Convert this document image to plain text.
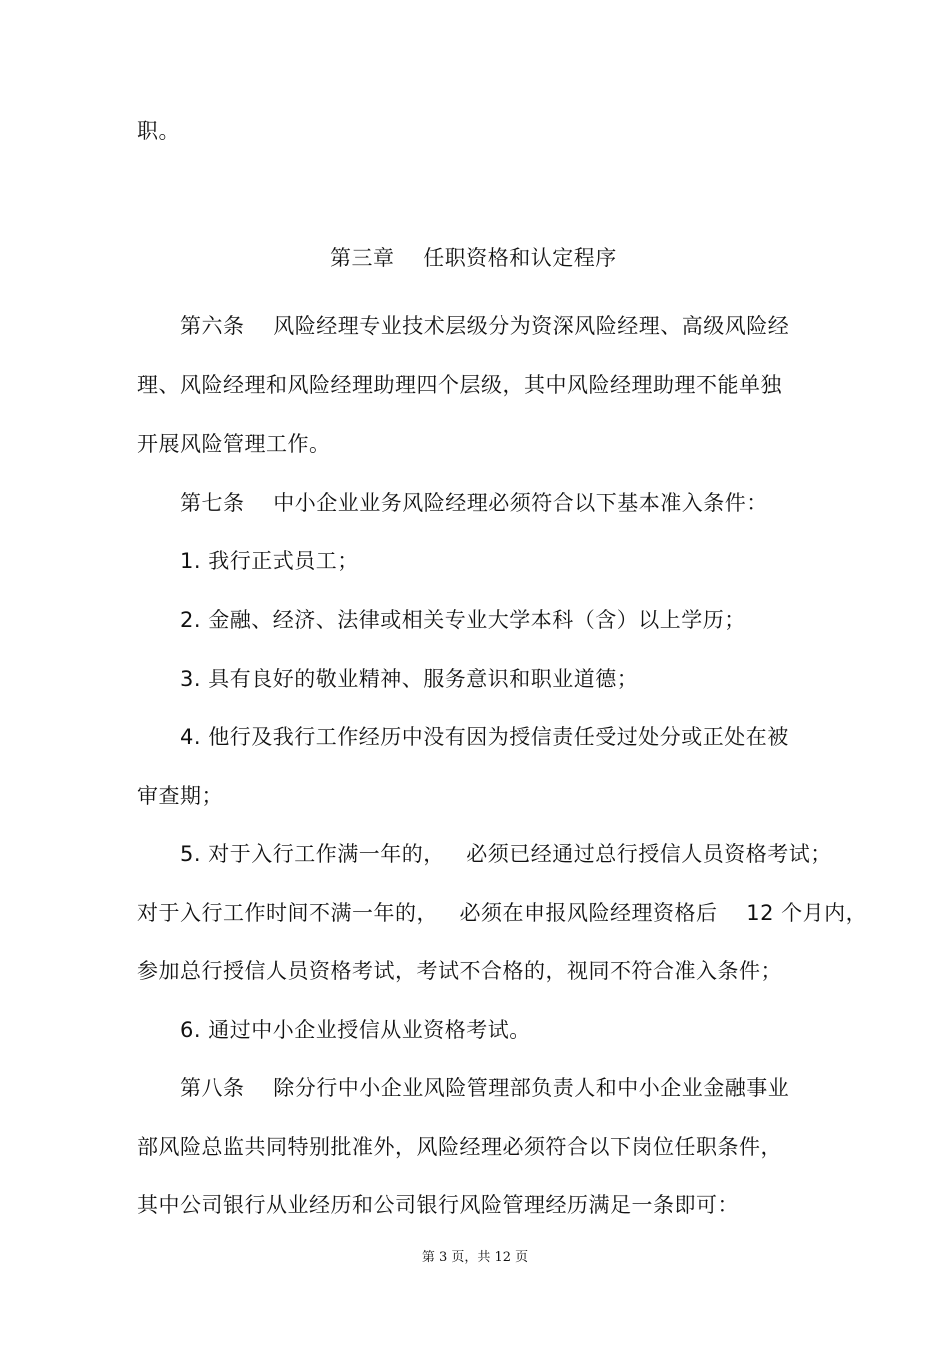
职。
第三章    任职资格和认定程序
第六条    风险经理专业技术层级分为资深风险经理、高级风险经
理、风险经理和风险经理助理四个层级，其中风险经理助理不能单独
开展风险管理工作。
第七条    中小企业业务风险经理必须符合以下基本准入条件：
1. 我行正式员工；
2. 金融、经济、法律或相关专业大学本科（含）以上学历；
3. 具有良好的敬业精神、服务意识和职业道德；
4. 他行及我行工作经历中没有因为授信责任受过处分或正处在被
审查期；
5. 对于入行工作满一年的，   必须已经通过总行授信人员资格考试；
对于入行工作时间不满一年的，   必须在申报风险经理资格后    12 个月内，
参加总行授信人员资格考试，考试不合格的，视同不符合准入条件；
6. 通过中小企业授信从业资格考试。
第八条    除分行中小企业风险管理部负责人和中小企业金融事业
部风险总监共同特别批准外，风险经理必须符合以下岗位任职条件，
其中公司银行从业经历和公司银行风险管理经历满足一条即可：
第 3 页，共 12 页
